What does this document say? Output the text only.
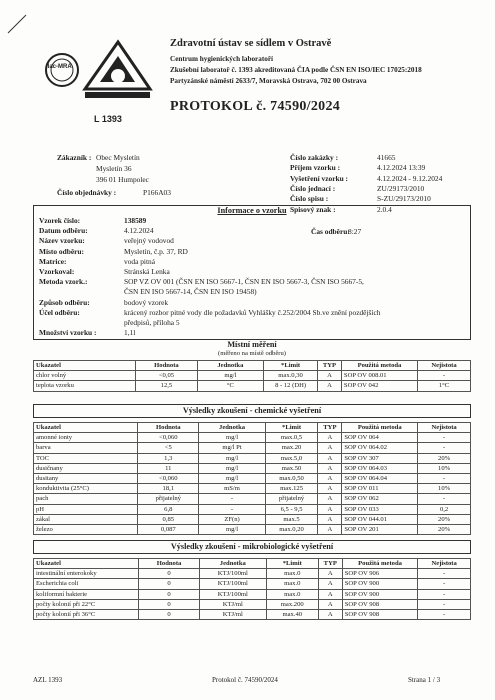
ilac-MRA
L 1393
Zdravotní ústav se sídlem v Ostravě
Centrum hygienických laboratoří
Zkušební laboratoř č. 1393 akreditovaná ČIA podle ČSN EN ISO/IEC 17025:2018
Partyzánské náměstí 2633/7, Moravská Ostrava, 702 00 Ostrava
PROTOKOL č. 74590/2024
Zákazník : Obec Mysletín
Mysletín 36
396 01 Humpolec
Číslo objednávky :	P166A03
Číslo zakázky :	41665
Příjem vzorku :	4.12.2024 13:39
Vyšetření vzorku :	4.12.2024 - 9.12.2024
Číslo jednací :	ZU/29173/2010
Číslo spisu :	S-ZU/29173/2010
Spisový znak :	2.0.4
Informace o vzorku
Vzorek číslo:	138589
Datum odběru:	4.12.2024
Název vzorku:	veřejný vodovod
Místo odběru:	Mysletín, č.p. 37, RD
Matrice:	voda pitná
Vzorkoval:	Stránská Lenka
Metoda vzork.:	SOP VZ OV 001 (ČSN EN ISO 5667-1, ČSN EN ISO 5667-3, ČSN ISO 5667-5,
ČSN EN ISO 5667-14, ČSN EN ISO 19458)
Způsob odběru:	bodový vzorek
Účel odběru:	krácený rozbor pitné vody dle požadavků Vyhlášky č.252/2004 Sb.ve znění pozdějších
předpisů, příloha 5
Množství vzorku :	1,1l
Čas odběru:
8:27
Místní měření
(měřeno na místě odběru)
Ukazatel	Hodnota	Jednotka	*Limit	TYP	Použitá metoda	Nejistota
chlor volný	<0,05	mg/l	max.0,30	A	SOP OV 008.01	-
teplota vzorku	12,5	°C	8 - 12 (DH)	A	SOP OV 042	1°C
Výsledky zkoušení - chemické vyšetření
Ukazatel	Hodnota	Jednotka	*Limit	TYP	Použitá metoda	Nejistota
amonné ionty	<0,060	mg/l	max.0,5	A	SOP OV 064	-
barva	<5	mg/l Pt	max.20	A	SOP OV 064.02	-
TOC	1,3	mg/l	max.5,0	A	SOP OV 307	20%
dusičnany	11	mg/l	max.50	A	SOP OV 064.03	10%
dusitany	<0,060	mg/l	max.0,50	A	SOP OV 064.04	-
konduktivita (25°C)	18,1	mS/m	max.125	A	SOP OV 011	10%
pach	přijatelný	-	přijatelný	A	SOP OV 062	-
pH	6,8	-	6,5 - 9,5	A	SOP OV 033	0,2
zákal	0,85	ZF(n)	max.5	A	SOP OV 044.01	20%
železo	0,087	mg/l	max.0,20	A	SOP OV 201	20%
Výsledky zkoušení - mikrobiologické vyšetření
Ukazatel	Hodnota	Jednotka	*Limit	TYP	Použitá metoda	Nejistota
intestinální enterokoky	0	KTJ/100ml	max.0	A	SOP OV 906	-
Escherichia coli	0	KTJ/100ml	max.0	A	SOP OV 900	-
koliformní bakterie	0	KTJ/100ml	max.0	A	SOP OV 900	-
počty kolonií při 22°C	0	KTJ/ml	max.200	A	SOP OV 908	-
počty kolonií při 36°C	0	KTJ/ml	max.40	A	SOP OV 908	-
AZL 1393	Protokol č. 74590/2024	Strana 1 / 3
